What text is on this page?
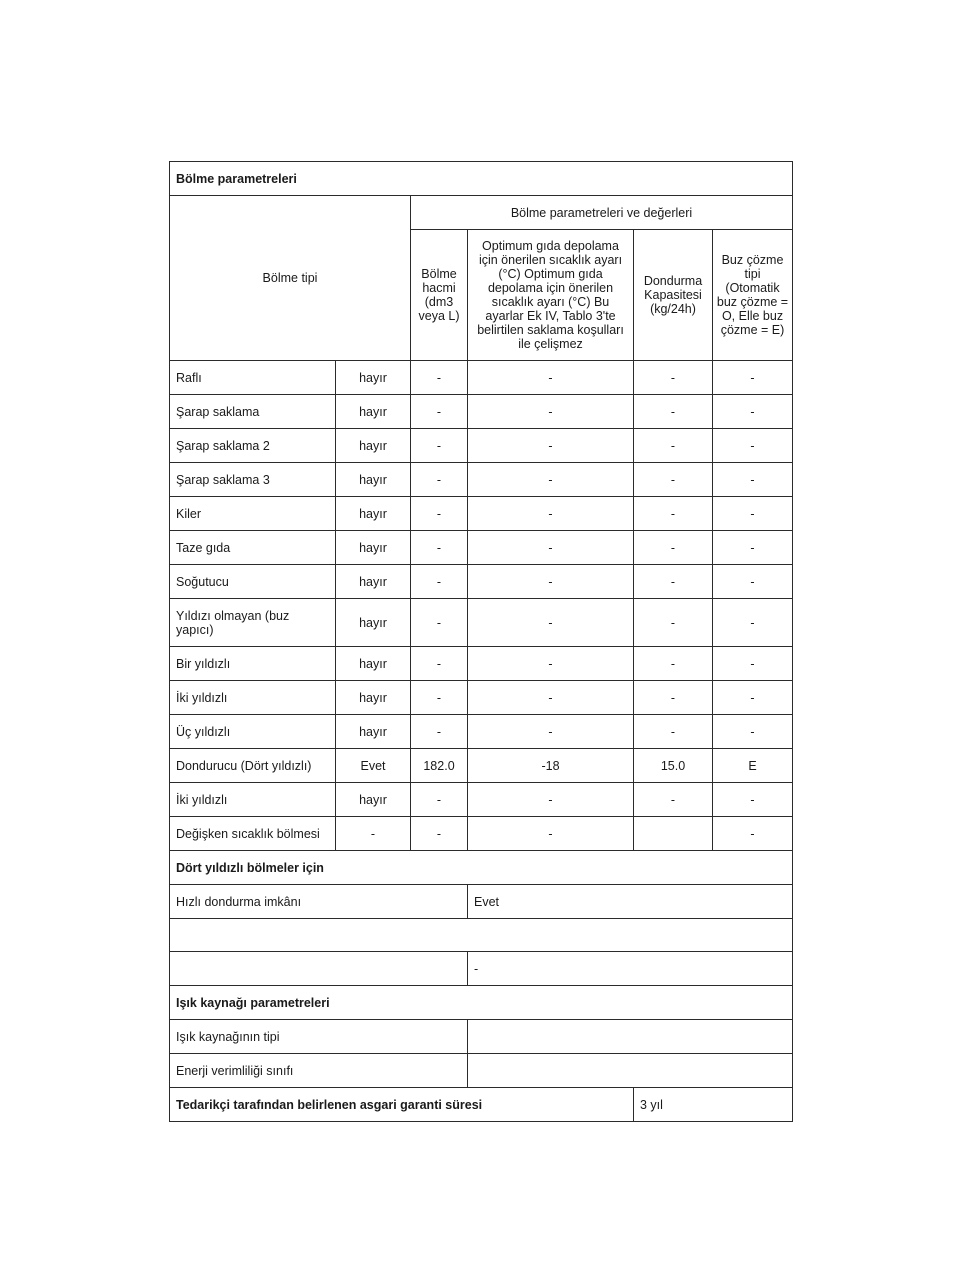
Bölme parametreleri					
Bölme tipi		Bölme parametreleri ve değerleri			
		Bölme hacmi (dm3 veya L)	Optimum gıda depolama için önerilen sıcaklık ayarı (°C) Optimum gıda depolama için önerilen sıcaklık ayarı (°C) Bu ayarlar Ek IV, Tablo 3'te belirtilen saklama koşulları ile çelişmez	Dondurma Kapasitesi (kg/24h)	Buz çözme tipi (Otomatik buz çözme = O, Elle buz çözme = E)
Raflı	hayır	-	-	-	-
Şarap saklama	hayır	-	-	-	-
Şarap saklama 2	hayır	-	-	-	-
Şarap saklama 3	hayır	-	-	-	-
Kiler	hayır	-	-	-	-
Taze gıda	hayır	-	-	-	-
Soğutucu	hayır	-	-	-	-
Yıldızı olmayan (buz yapıcı)	hayır	-	-	-	-
Bir yıldızlı	hayır	-	-	-	-
İki yıldızlı	hayır	-	-	-	-
Üç yıldızlı	hayır	-	-	-	-
Dondurucu (Dört yıldızlı)	Evet	182.0	-18	15.0	E
İki yıldızlı	hayır	-	-	-	-
Değişken sıcaklık bölmesi	-	-	-		-
Dört yıldızlı bölmeler için					
Hızlı dondurma imkânı			Evet		

			-		
Işık kaynağı parametreleri					
Işık kaynağının tipi					
Enerji verimliliği sınıfı					
Tedarikçi tarafından belirlenen asgari garanti süresi				3 yıl	
